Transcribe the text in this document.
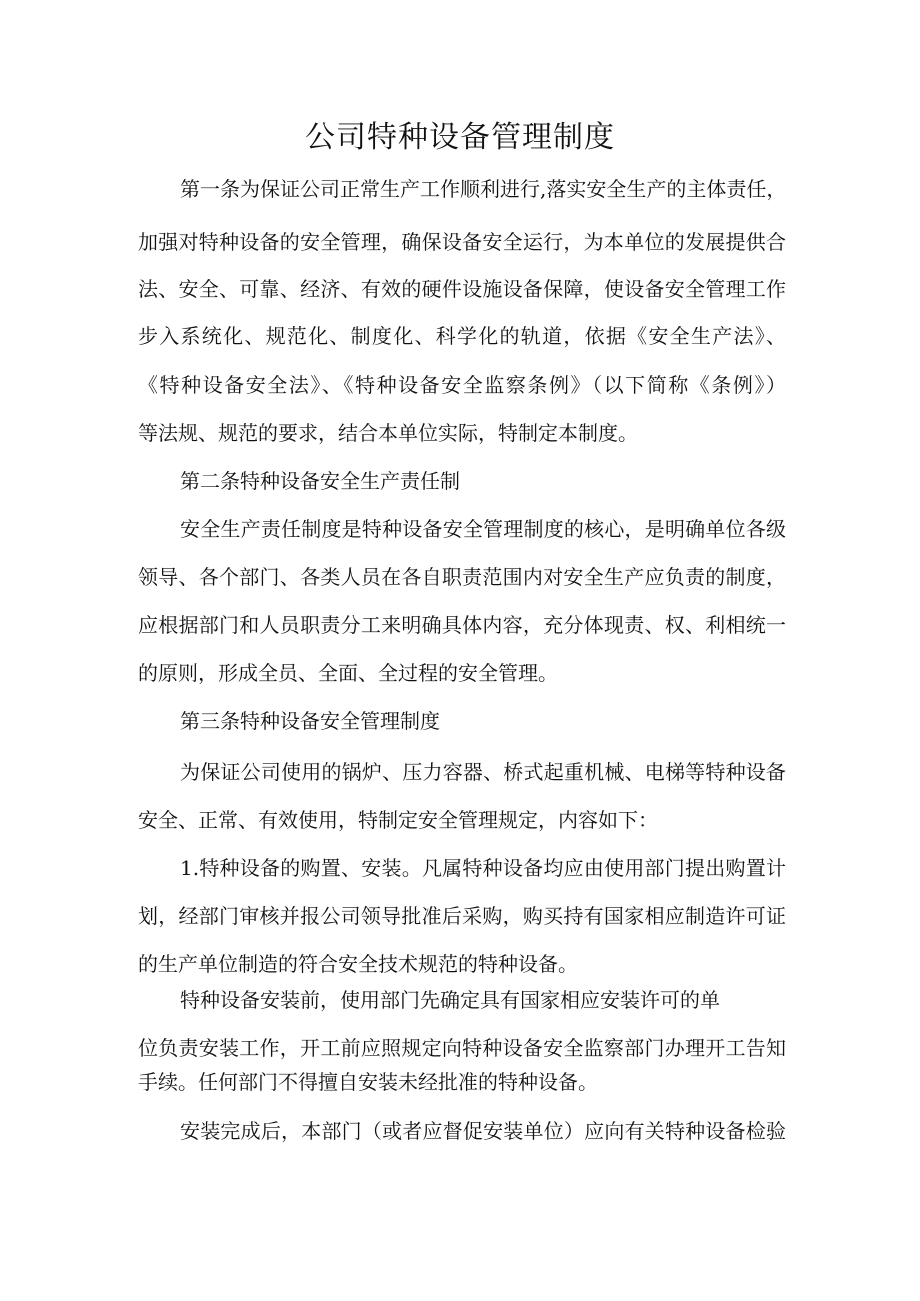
公司特种设备管理制度
第一条为保证公司正常生产工作顺利进行,落实安全生产的主体责任，
加强对特种设备的安全管理，确保设备安全运行，为本单位的发展提供合
法、安全、可靠、经济、有效的硬件设施设备保障，使设备安全管理工作
步入系统化、规范化、制度化、科学化的轨道，依据《安全生产法》、
《特种设备安全法》、《特种设备安全监察条例》（以下简称《条例》）
等法规、规范的要求，结合本单位实际，特制定本制度。
第二条特种设备安全生产责任制
安全生产责任制度是特种设备安全管理制度的核心，是明确单位各级
领导、各个部门、各类人员在各自职责范围内对安全生产应负责的制度，
应根据部门和人员职责分工来明确具体内容，充分体现责、权、利相统一
的原则，形成全员、全面、全过程的安全管理。
第三条特种设备安全管理制度
为保证公司使用的锅炉、压力容器、桥式起重机械、电梯等特种设备
安全、正常、有效使用，特制定安全管理规定，内容如下：
1.特种设备的购置、安装。凡属特种设备均应由使用部门提出购置计
划，经部门审核并报公司领导批准后采购，购买持有国家相应制造许可证
的生产单位制造的符合安全技术规范的特种设备。
特种设备安装前，使用部门先确定具有国家相应安装许可的单
位负责安装工作，开工前应照规定向特种设备安全监察部门办理开工告知
手续。任何部门不得擅自安装未经批准的特种设备。
安装完成后，本部门（或者应督促安装单位）应向有关特种设备检验
